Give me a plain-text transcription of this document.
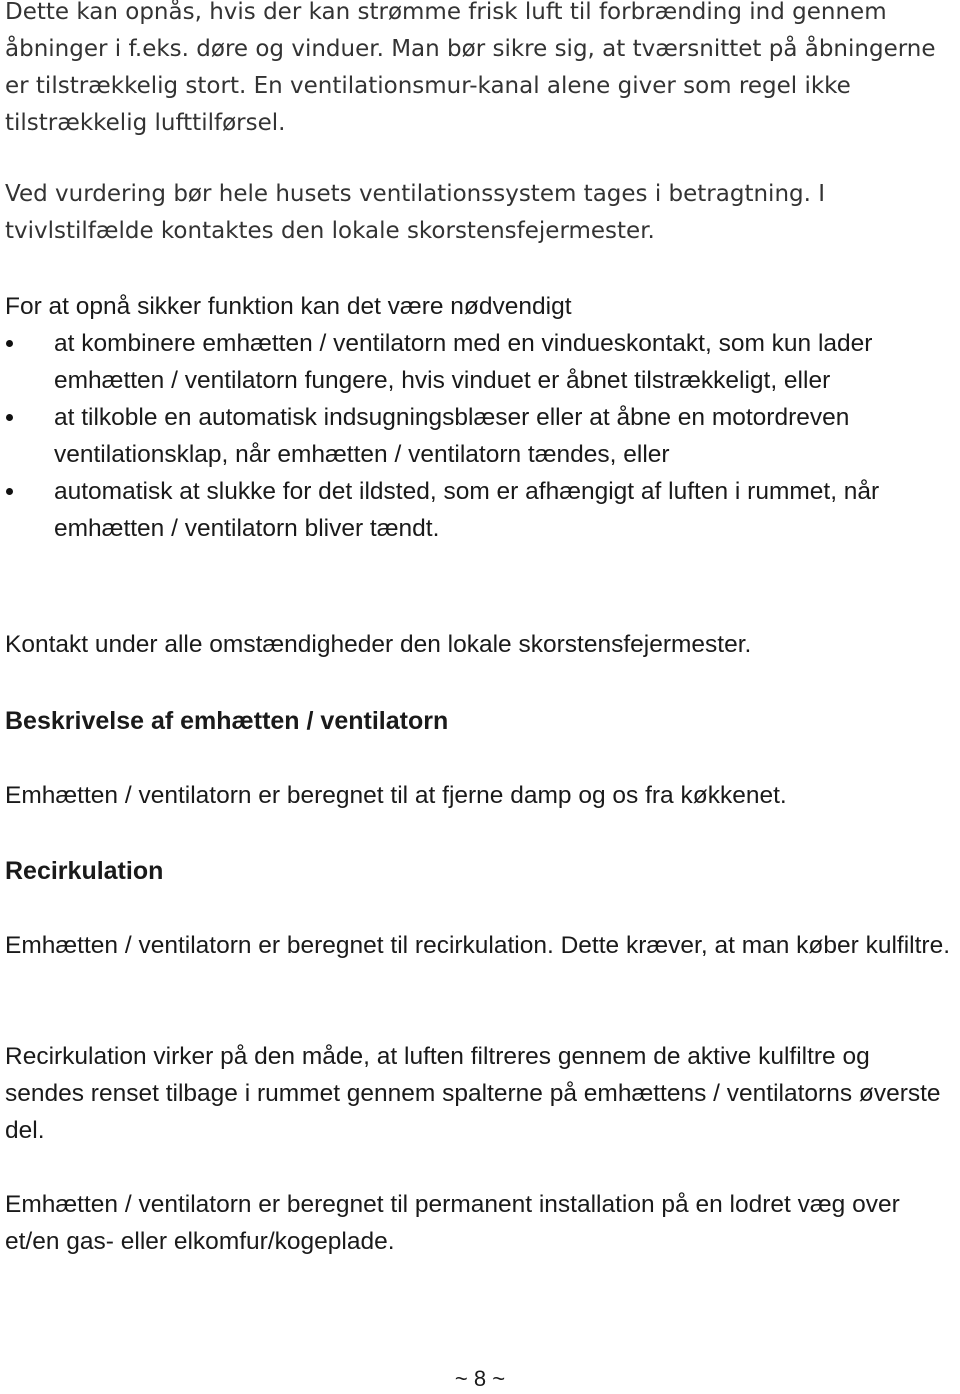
Dette kan opnås, hvis der kan strømme frisk luft til forbrænding ind gennem åbninger i f.eks. døre og vinduer. Man bør sikre sig, at tværsnittet på åbningerne er tilstrækkelig stort. En ventilationsmur-kanal alene giver som regel ikke tilstrækkelig lufttilførsel.

Ved vurdering bør hele husets ventilationssystem tages i betragtning. I tvivlstilfælde kontaktes den lokale skorstensfejermester.

For at opnå sikker funktion kan det være nødvendigt

at kombinere emhætten / ventilatorn med en vindueskontakt, som kun lader emhætten / ventilatorn fungere, hvis vinduet er åbnet tilstrækkeligt, eller
at tilkoble en automatisk indsugningsblæser eller at åbne en motordreven ventilationsklap, når emhætten / ventilatorn tændes, eller
automatisk at slukke for det ildsted, som er afhængigt af luften i rummet, når emhætten / ventilatorn bliver tændt.

Kontakt under alle omstændigheder den lokale skorstensfejermester.

Beskrivelse af emhætten / ventilatorn

Emhætten / ventilatorn er beregnet til at fjerne damp og os fra køkkenet.

Recirkulation

Emhætten / ventilatorn er beregnet til recirkulation. Dette kræver, at man køber kulfiltre.

Recirkulation virker på den måde, at luften filtreres gennem de aktive kulfiltre og sendes renset tilbage i rummet gennem spalterne på emhættens / ventilatorns øverste del.

Emhætten / ventilatorn er beregnet til permanent installation på en lodret væg over et/en gas- eller elkomfur/kogeplade.

~ 8 ~
